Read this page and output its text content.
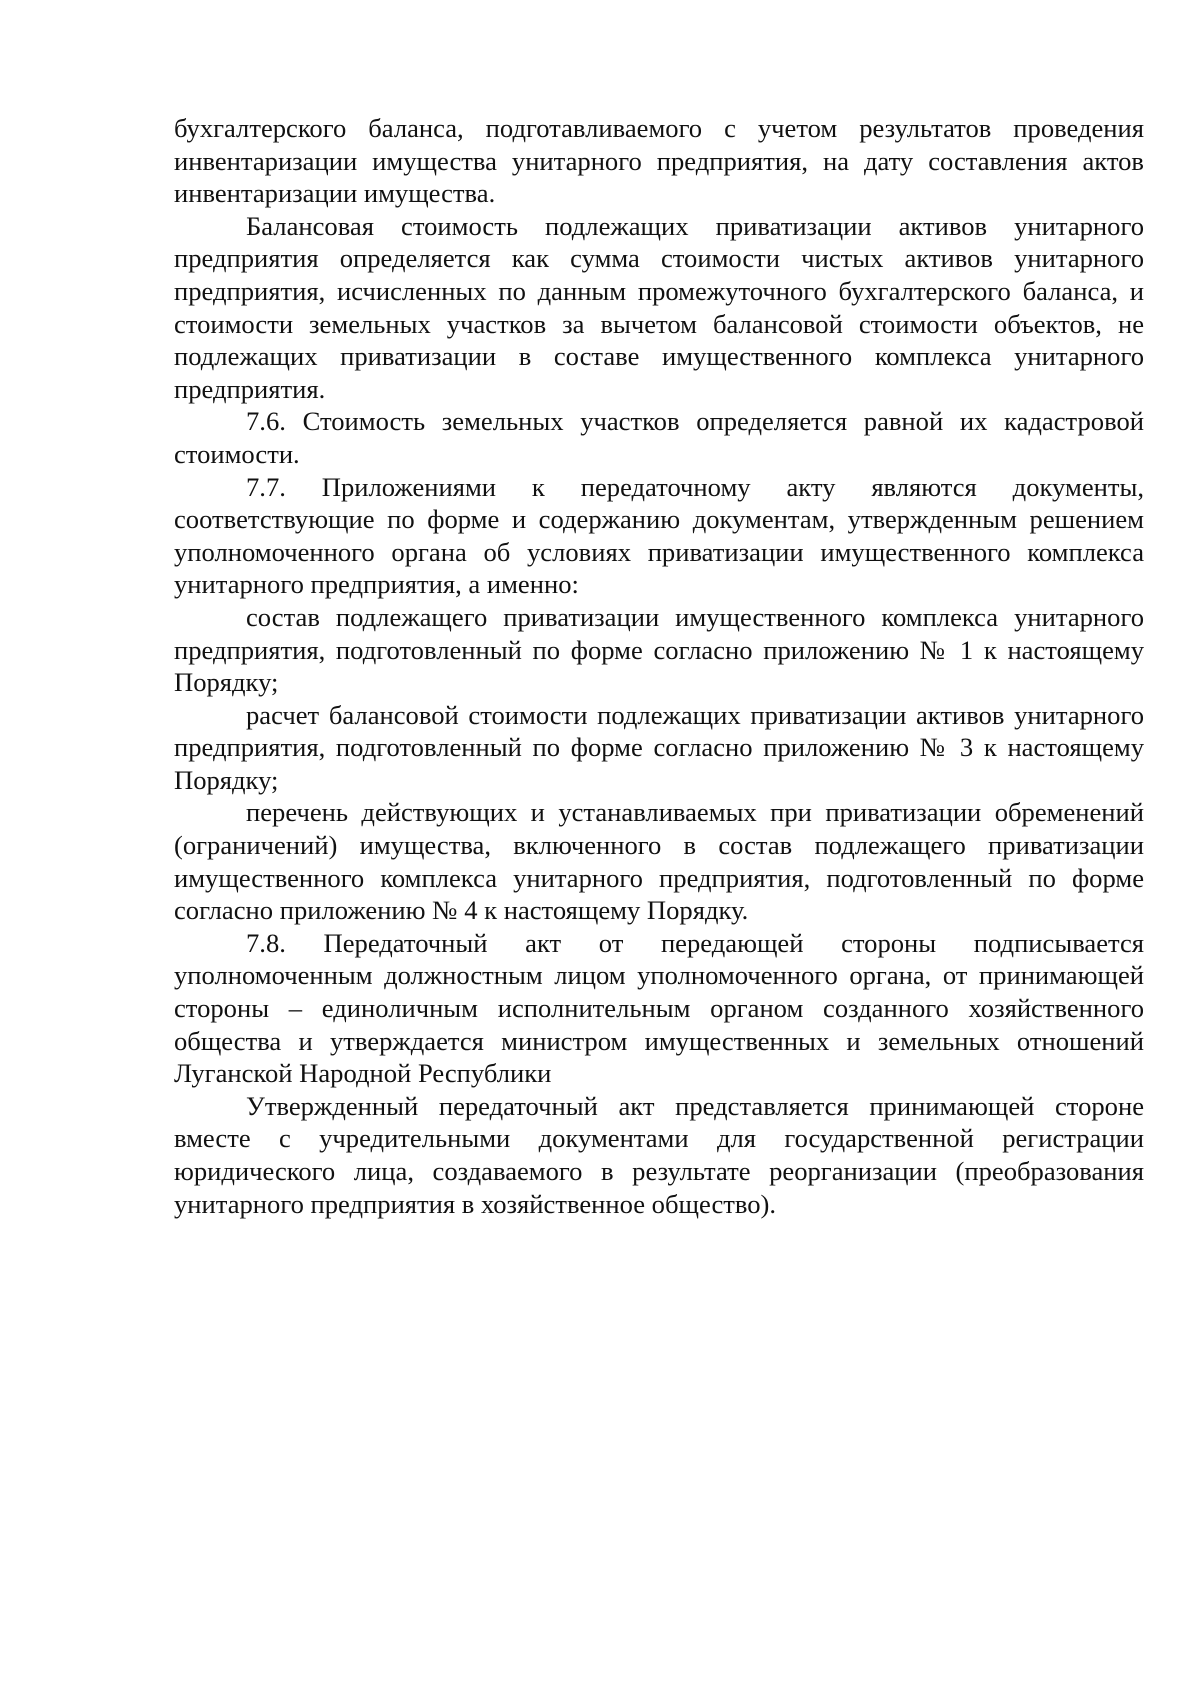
бухгалтерского баланса, подготавливаемого с учетом результатов проведения инвентаризации имущества унитарного предприятия, на дату составления актов инвентаризации имущества.

Балансовая стоимость подлежащих приватизации активов унитарного предприятия определяется как сумма стоимости чистых активов унитарного предприятия, исчисленных по данным промежуточного бухгалтерского баланса, и стоимости земельных участков за вычетом балансовой стоимости объектов, не подлежащих приватизации в составе имущественного комплекса унитарного предприятия.

7.6. Стоимость земельных участков определяется равной их кадастровой стоимости.

7.7. Приложениями к передаточному акту являются документы, соответствующие по форме и содержанию документам, утвержденным решением уполномоченного органа об условиях приватизации имущественного комплекса унитарного предприятия, а именно:

состав подлежащего приватизации имущественного комплекса унитарного предприятия, подготовленный по форме согласно приложению № 1 к настоящему Порядку;

расчет балансовой стоимости подлежащих приватизации активов унитарного предприятия, подготовленный по форме согласно приложению № 3 к настоящему Порядку;

перечень действующих и устанавливаемых при приватизации обременений (ограничений) имущества, включенного в состав подлежащего приватизации имущественного комплекса унитарного предприятия, подготовленный по форме согласно приложению № 4 к настоящему Порядку.

7.8. Передаточный акт от передающей стороны подписывается уполномоченным должностным лицом уполномоченного органа, от принимающей стороны – единоличным исполнительным органом созданного хозяйственного общества и утверждается министром имущественных и земельных отношений Луганской Народной Республики

Утвержденный передаточный акт представляется принимающей стороне вместе с учредительными документами для государственной регистрации юридического лица, создаваемого в результате реорганизации (преобразования унитарного предприятия в хозяйственное общество).
